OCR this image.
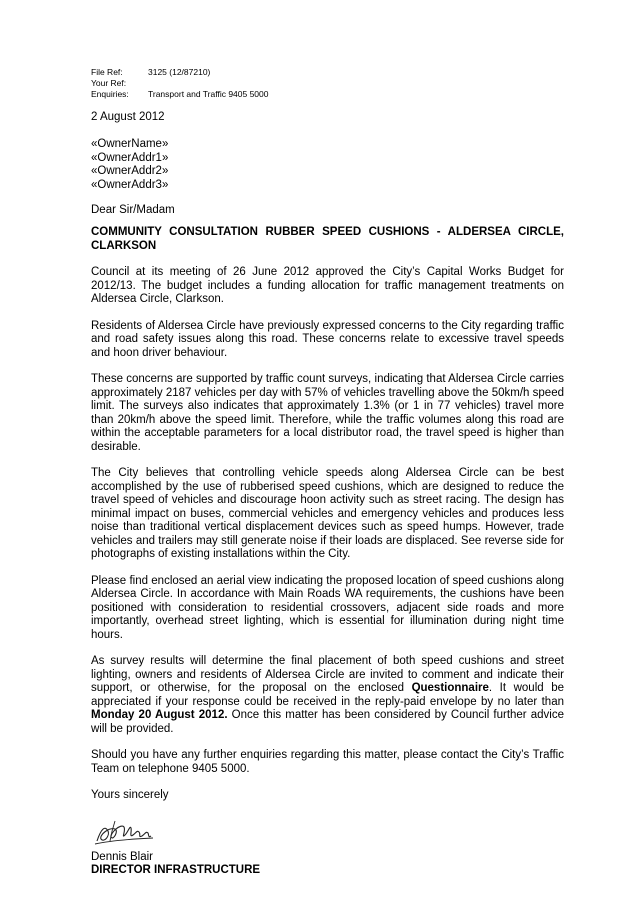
File Ref:	3125 (12/87210)
Your Ref:
Enquiries:	Transport and Traffic 9405 5000
2 August 2012
«OwnerName»
«OwnerAddr1»
«OwnerAddr2»
«OwnerAddr3»
Dear Sir/Madam
COMMUNITY CONSULTATION RUBBER SPEED CUSHIONS - ALDERSEA CIRCLE, CLARKSON

Council at its meeting of 26 June 2012 approved the City’s Capital Works Budget for 2012/13. The budget includes a funding allocation for traffic management treatments on Aldersea Circle, Clarkson.

Residents of Aldersea Circle have previously expressed concerns to the City regarding traffic and road safety issues along this road. These concerns relate to excessive travel speeds and hoon driver behaviour.

These concerns are supported by traffic count surveys, indicating that Aldersea Circle carries approximately 2187 vehicles per day with 57% of vehicles travelling above the 50km/h speed limit. The surveys also indicates that approximately 1.3% (or 1 in 77 vehicles) travel more than 20km/h above the speed limit. Therefore, while the traffic volumes along this road are within the acceptable parameters for a local distributor road, the travel speed is higher than desirable.

The City believes that controlling vehicle speeds along Aldersea Circle can be best accomplished by the use of rubberised speed cushions, which are designed to reduce the travel speed of vehicles and discourage hoon activity such as street racing. The design has minimal impact on buses, commercial vehicles and emergency vehicles and produces less noise than traditional vertical displacement devices such as speed humps. However, trade vehicles and trailers may still generate noise if their loads are displaced. See reverse side for photographs of existing installations within the City.

Please find enclosed an aerial view indicating the proposed location of speed cushions along Aldersea Circle. In accordance with Main Roads WA requirements, the cushions have been positioned with consideration to residential crossovers, adjacent side roads and more importantly, overhead street lighting, which is essential for illumination during night time hours.

As survey results will determine the final placement of both speed cushions and street lighting, owners and residents of Aldersea Circle are invited to comment and indicate their support, or otherwise, for the proposal on the enclosed Questionnaire. It would be appreciated if your response could be received in the reply-paid envelope by no later than Monday 20 August 2012. Once this matter has been considered by Council further advice will be provided.

Should you have any further enquiries regarding this matter, please contact the City’s Traffic Team on telephone 9405 5000.

Yours sincerely
Dennis Blair
DIRECTOR INFRASTRUCTURE
